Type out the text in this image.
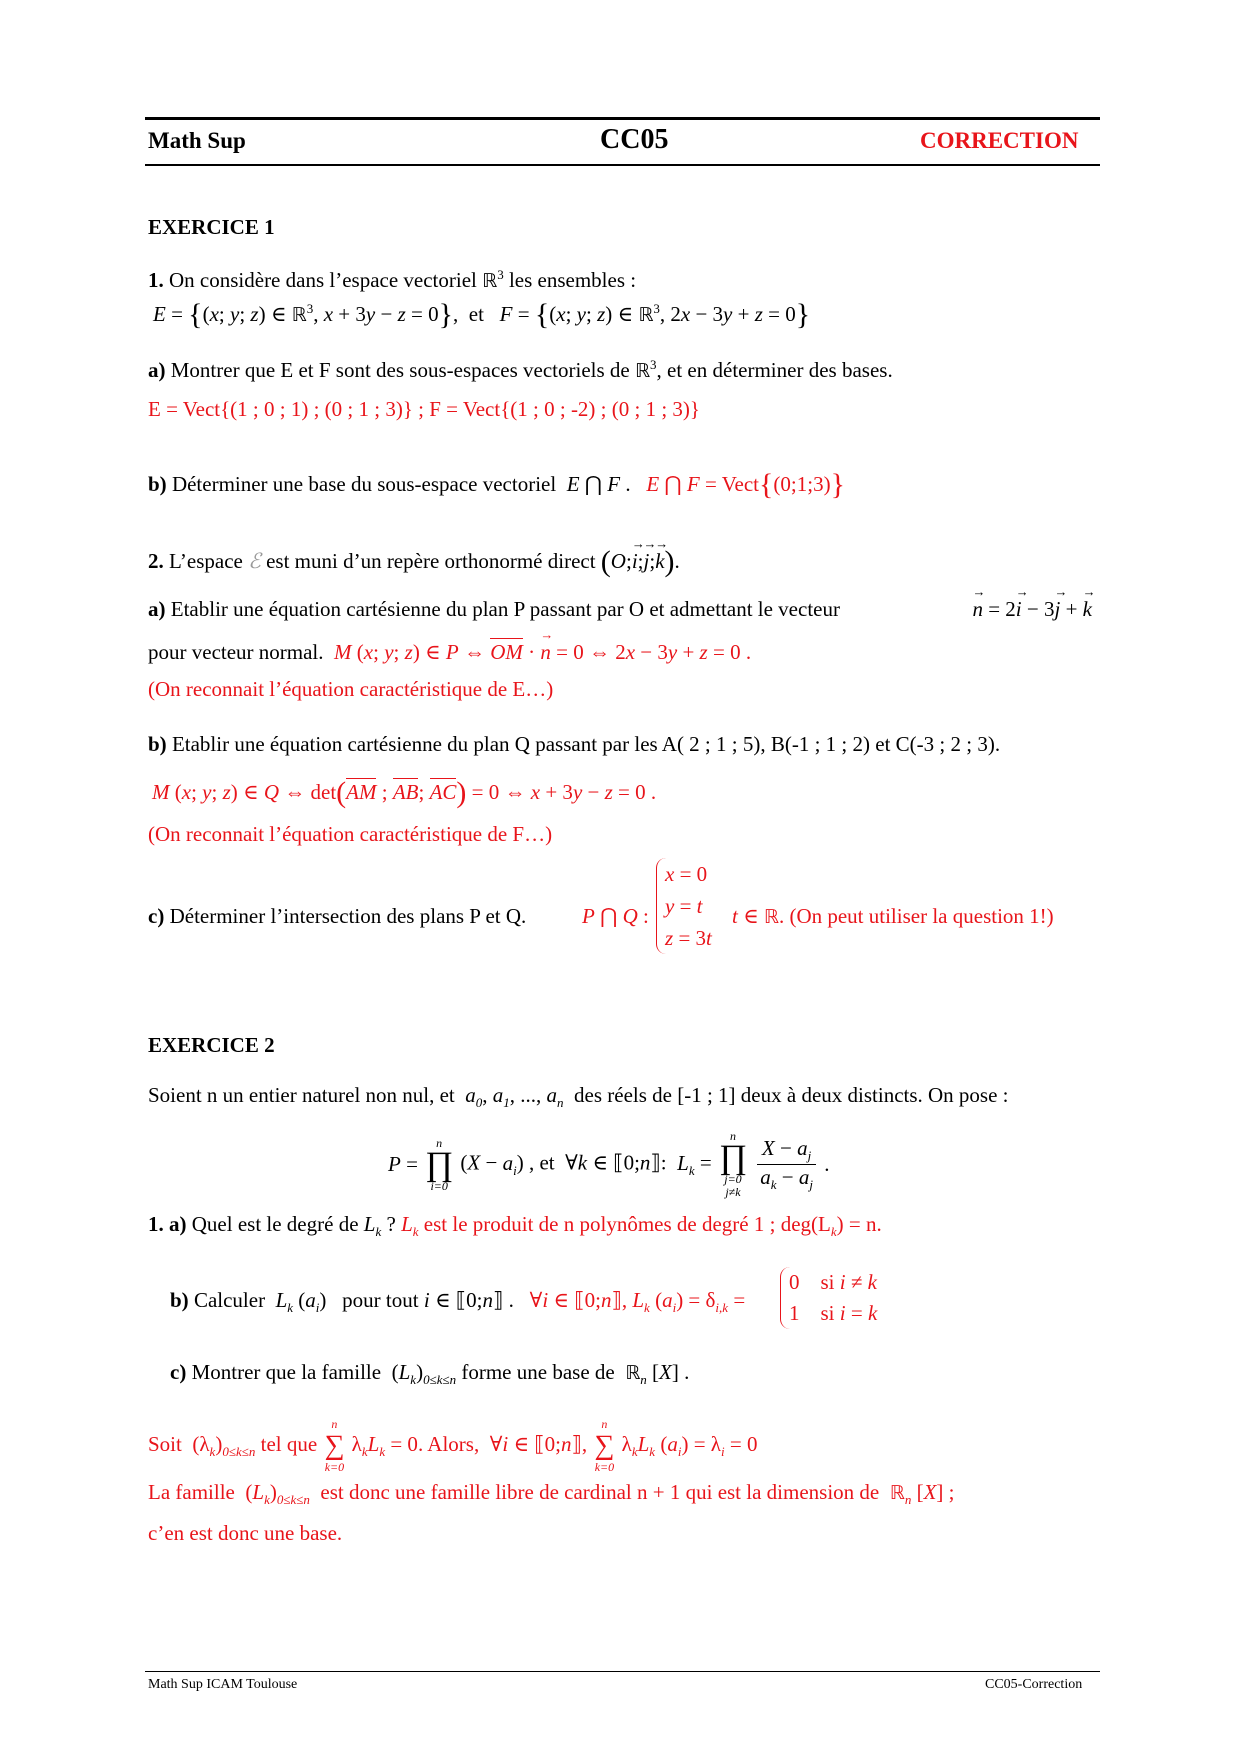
Math Sup	CC05	CORRECTION
EXERCICE 1
1. On considère dans l’espace vectoriel ℝ$^3$ les ensembles :
E = {(x; y; z) ∈ ℝ$^3$, x + 3y − z = 0},  et   F = {(x; y; z) ∈ ℝ$^3$, 2x − 3y + z = 0}
a) Montrer que E et F sont des sous-espaces vectoriels de ℝ$^3$, et en déterminer des bases.
E = Vect{(1 ; 0 ; 1) ; (0 ; 1 ; 3)} ; F = Vect{(1 ; 0 ; -2) ; (0 ; 1 ; 3)}
b) Déterminer une base du sous-espace vectoriel E ⋂ F .   E ⋂ F = Vect{(0;1;3)}
2. L’espace ℰ est muni d’un repère orthonormé direct (O;→ i;→ j;→ k).
a) Etablir une équation cartésienne du plan P passant par O et admettant le vecteur
→	n = 2→ i − 3→ j + → k
pour vecteur normal. M (x; y; z) ∈ P ⇔ OM · → n = 0 ⇔ 2x − 3y + z = 0 .
(On reconnait l’équation caractéristique de E…)
b) Etablir une équation cartésienne du plan Q passant par les A( 2 ; 1 ; 5), B(-1 ; 1 ; 2) et C(-3 ; 2 ; 3).
M (x; y; z) ∈ Q ⇔ det(AM ; AB; AC) = 0 ⇔ x + 3y − z = 0 .
(On reconnait l’équation caractéristique de F…)
c) Déterminer l’intersection des plans P et Q.	P ⋂ Q :
x = 0
y = t
z = 3t
t ∈ ℝ. (On peut utiliser la question 1!)
EXERCICE 2
Soient n un entier naturel non nul, et $a_0$, $a_1$, ..., $a_n$ des réels de [-1 ; 1] deux à deux distincts. On pose :
P =
n
∏
i=0
$(X - a_i)$ , et  ∀k ∈ ⟦0;n⟧:  $L_k$ =
n
∏
j=0
j≠k
$\frac{X - a_j}{a_k - a_j}$ .
1. a) Quel est le degré de $L_k$ ? $L_k$ est le produit de n polynômes de degré 1 ; $deg(L_k) = n$.
b) Calculer $L_k$ $(a_i)$   pour tout i ∈ ⟦0;n⟧ .   ∀i ∈ ⟦0;n⟧, $L_k$ $(a_i) = \delta_{i,k}$ =
0    si i ≠ k
1    si i = k
c) Montrer que la famille  $(L_k)_{0\le k\le n}$ forme une base de ℝ$_n$ [X] .
Soit  $(\lambda_k)_{0\le k\le n}$ tel que
n
∑
k=0
$\lambda_kL_k = 0$. Alors,  ∀i ∈ ⟦0;n⟧,
n
∑
k=0
$\lambda_kL_k$ $(a_i) = \lambda_i = 0$
La famille  $(L_k)_{0\le k\le n}$ est donc une famille libre de cardinal n + 1 qui est la dimension de ℝ$_n$ [X] ;
c’en est donc une base.
Math Sup ICAM Toulouse	CC05-Correction
